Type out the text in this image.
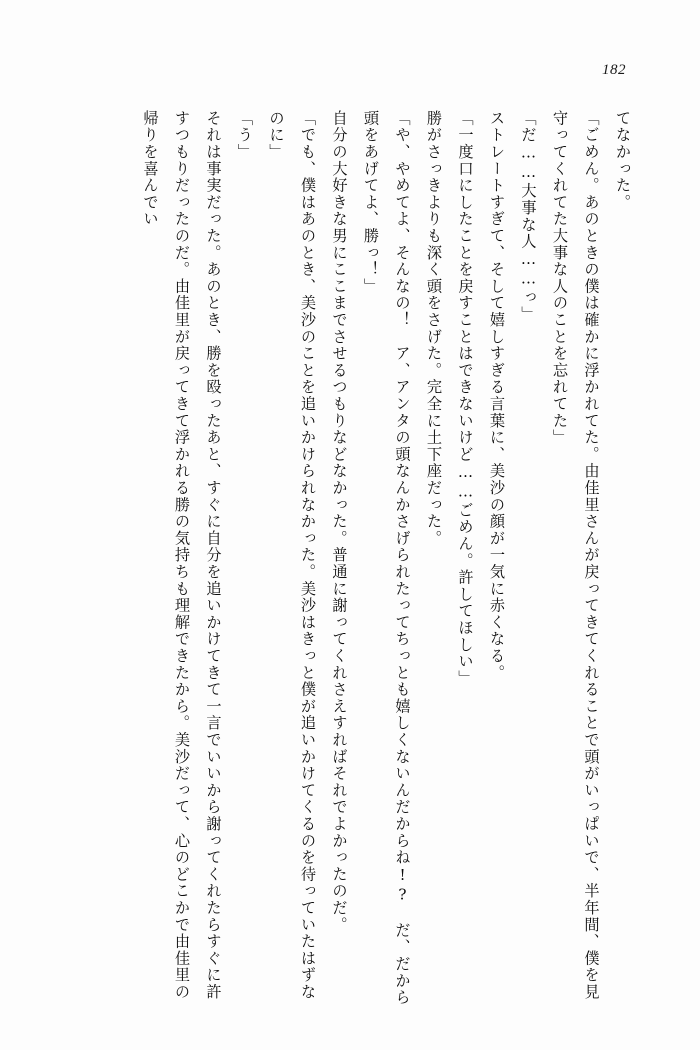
182

てなかった。

「ごめん。あのときの僕は確かに浮かれてた。由佳里さんが戻ってきてくれることで頭がいっぱいで、半年間、僕を見守ってくれてた大事な人のことを忘れてた」

「だ……大事な人……っ」

ストレートすぎて、そして嬉しすぎる言葉に、美沙の顔が一気に赤くなる。

「一度口にしたことを戻すことはできないけど……ごめん。許してほしい」

勝がさっきよりも深く頭をさげた。完全に土下座だった。

「や、やめてよ、そんなの！　ア、アンタの頭なんかさげられたってちっとも嬉しくないんだからね!?　だ、だから頭をあげてよ、勝っ！」

自分の大好きな男にここまでさせるつもりなどなかった。普通に謝ってくれさえすればそれでよかったのだ。

「でも、僕はあのとき、美沙のことを追いかけられなかった。美沙はきっと僕が追いかけてくるのを待っていたはずなのに」

「う」

それは事実だった。あのとき、勝を殴ったあと、すぐに自分を追いかけてきて一言でいいから謝ってくれたらすぐに許すつもりだったのだ。由佳里が戻ってきて浮かれる勝の気持ちも理解できたから。美沙だって、心のどこかで由佳里の帰りを喜んでい
